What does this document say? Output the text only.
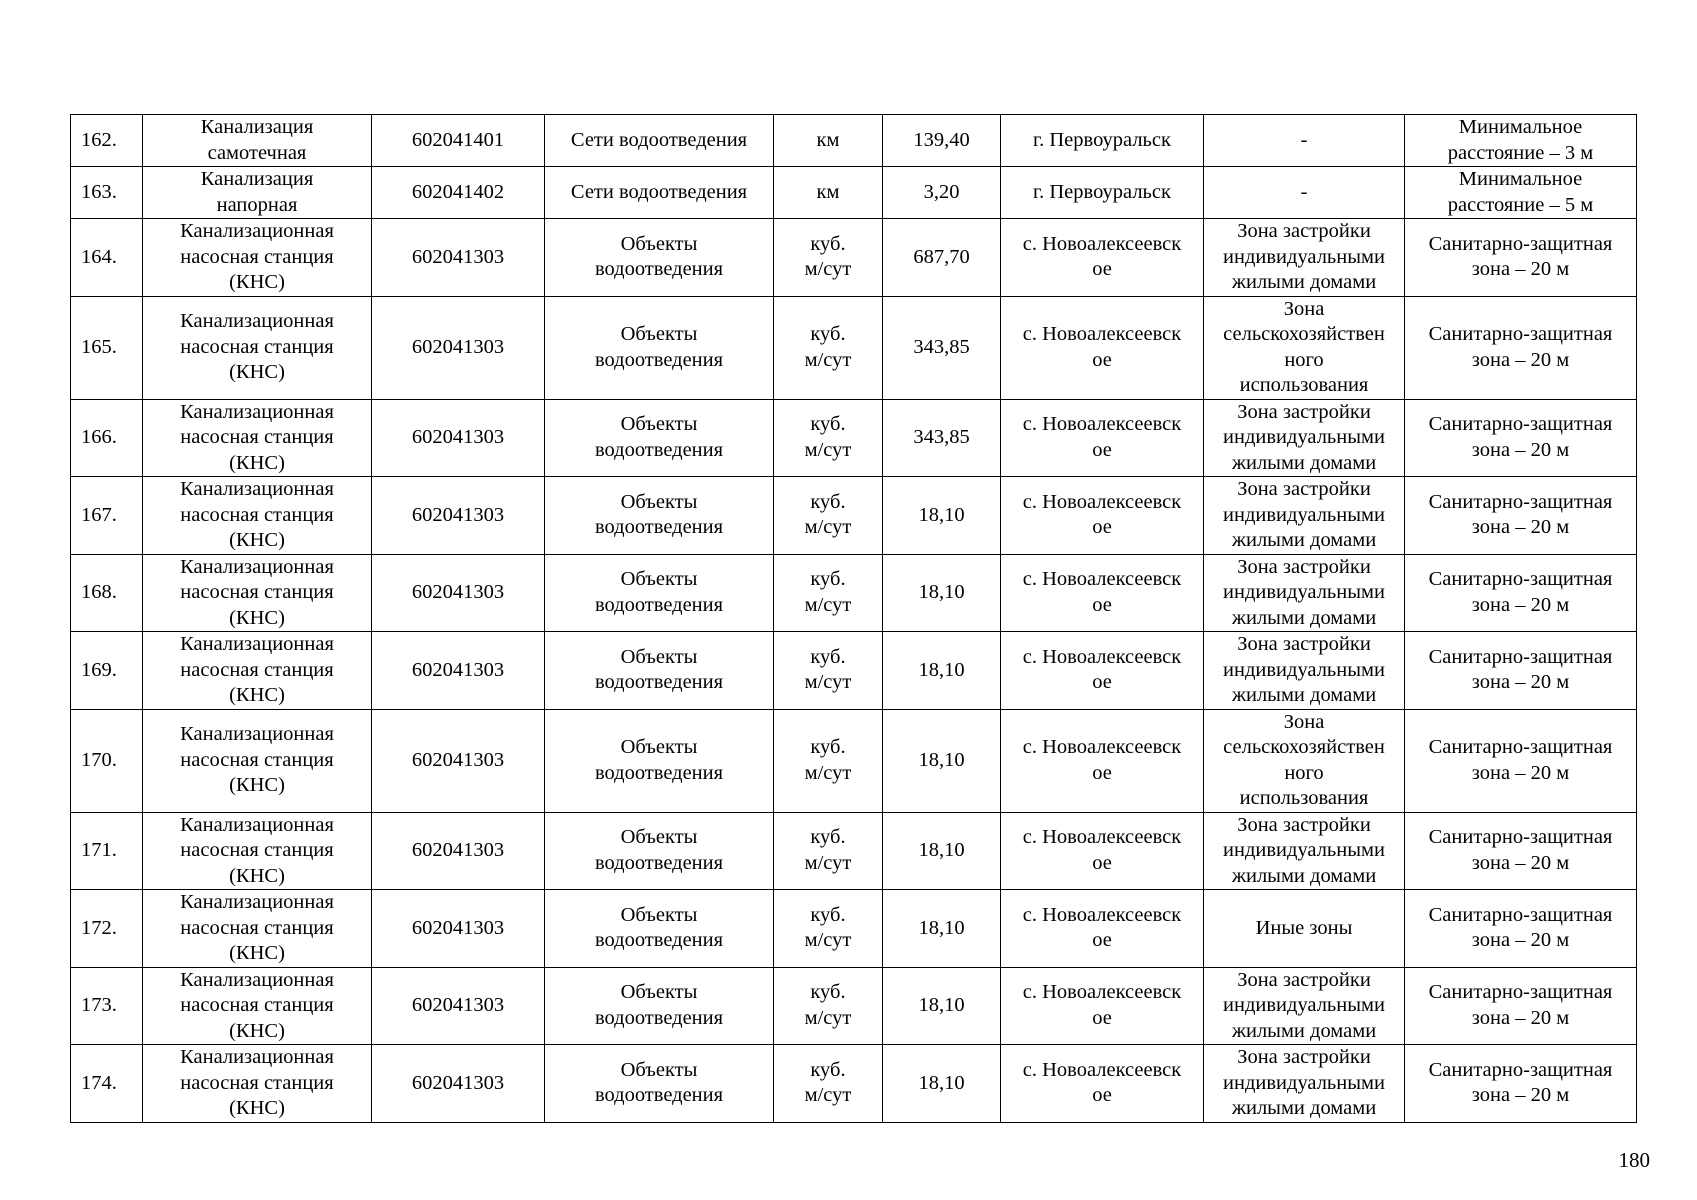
162.	Канализация
самотечная	602041401	Сети водоотведения	км	139,40	г. Первоуральск	-	Минимальное
расстояние – 3 м

163.	Канализация
напорная	602041402	Сети водоотведения	км	3,20	г. Первоуральск	-	Минимальное
расстояние – 5 м

164.	Канализационная
насосная станция
(КНС)	602041303	Объекты
водоотведения	куб.
м/сут	687,70	с. Новоалексеевск
ое	Зона застройки
индивидуальными
жилыми домами	Санитарно-защитная
зона – 20 м

165.	Канализационная
насосная станция
(КНС)	602041303	Объекты
водоотведения	куб.
м/сут	343,85	с. Новоалексеевск
ое	Зона
сельскохозяйствен
ного
использования	Санитарно-защитная
зона – 20 м

166.	Канализационная
насосная станция
(КНС)	602041303	Объекты
водоотведения	куб.
м/сут	343,85	с. Новоалексеевск
ое	Зона застройки
индивидуальными
жилыми домами	Санитарно-защитная
зона – 20 м

167.	Канализационная
насосная станция
(КНС)	602041303	Объекты
водоотведения	куб.
м/сут	18,10	с. Новоалексеевск
ое	Зона застройки
индивидуальными
жилыми домами	Санитарно-защитная
зона – 20 м

168.	Канализационная
насосная станция
(КНС)	602041303	Объекты
водоотведения	куб.
м/сут	18,10	с. Новоалексеевск
ое	Зона застройки
индивидуальными
жилыми домами	Санитарно-защитная
зона – 20 м

169.	Канализационная
насосная станция
(КНС)	602041303	Объекты
водоотведения	куб.
м/сут	18,10	с. Новоалексеевск
ое	Зона застройки
индивидуальными
жилыми домами	Санитарно-защитная
зона – 20 м

170.	Канализационная
насосная станция
(КНС)	602041303	Объекты
водоотведения	куб.
м/сут	18,10	с. Новоалексеевск
ое	Зона
сельскохозяйствен
ного
использования	Санитарно-защитная
зона – 20 м

171.	Канализационная
насосная станция
(КНС)	602041303	Объекты
водоотведения	куб.
м/сут	18,10	с. Новоалексеевск
ое	Зона застройки
индивидуальными
жилыми домами	Санитарно-защитная
зона – 20 м

172.	Канализационная
насосная станция
(КНС)	602041303	Объекты
водоотведения	куб.
м/сут	18,10	с. Новоалексеевск
ое	Иные зоны	Санитарно-защитная
зона – 20 м

173.	Канализационная
насосная станция
(КНС)	602041303	Объекты
водоотведения	куб.
м/сут	18,10	с. Новоалексеевск
ое	Зона застройки
индивидуальными
жилыми домами	Санитарно-защитная
зона – 20 м

174.	Канализационная
насосная станция
(КНС)	602041303	Объекты
водоотведения	куб.
м/сут	18,10	с. Новоалексеевск
ое	Зона застройки
индивидуальными
жилыми домами	Санитарно-защитная
зона – 20 м
180
